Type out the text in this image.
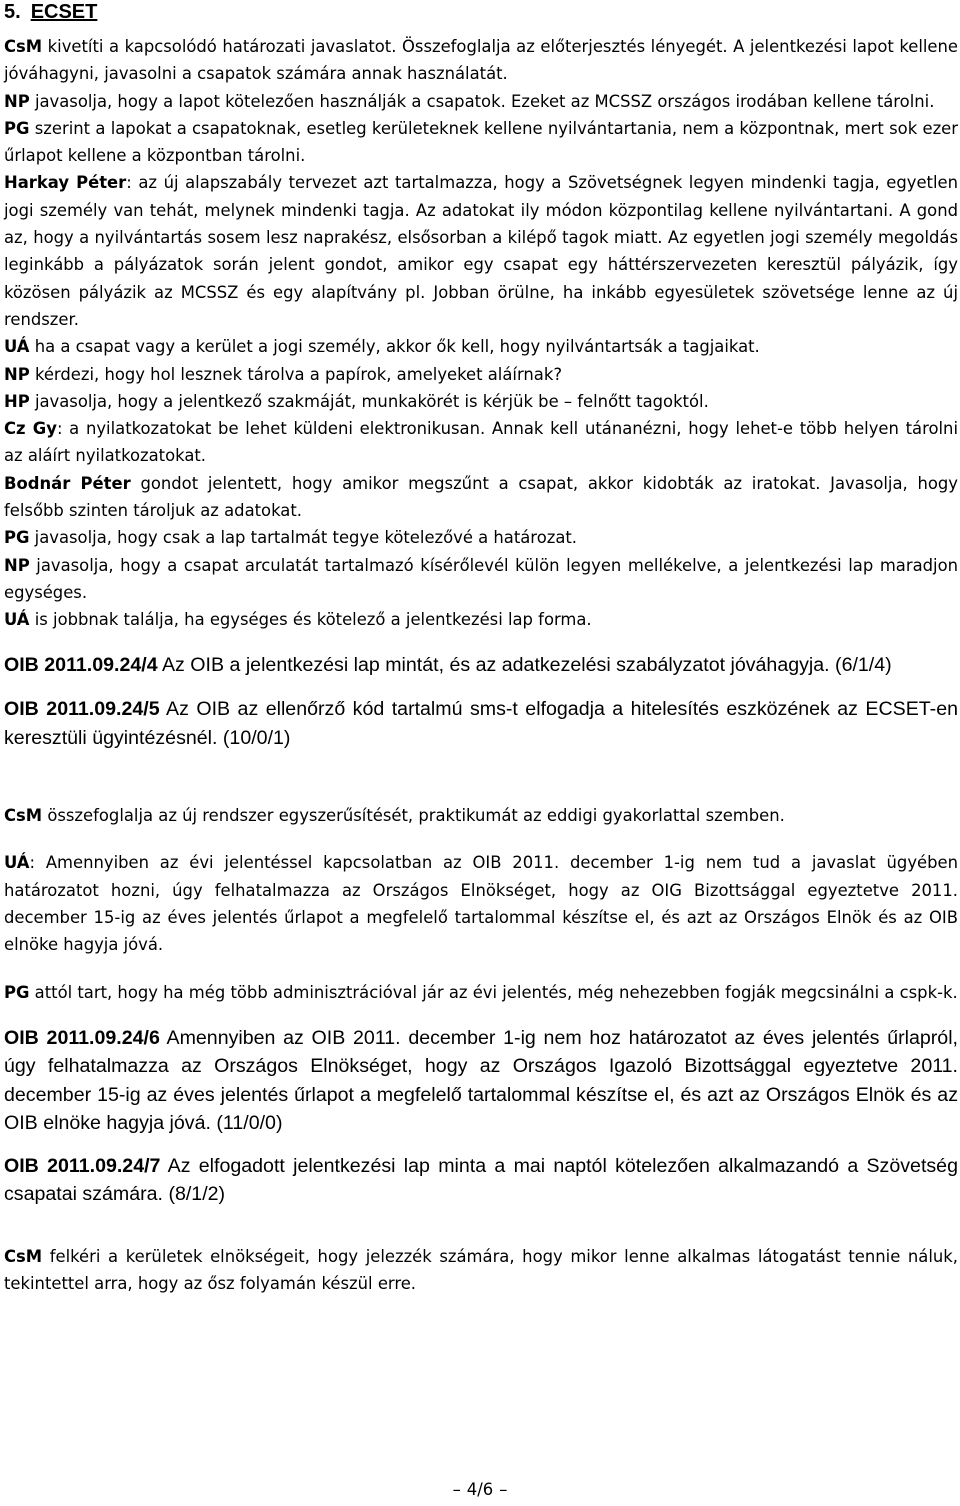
5. ECSET

CsM kivetíti a kapcsolódó határozati javaslatot. Összefoglalja az előterjesztés lényegét. A jelentkezési lapot kellene jóváhagyni, javasolni a csapatok számára annak használatát.

NP javasolja, hogy a lapot kötelezően használják a csapatok. Ezeket az MCSSZ országos irodában kellene tárolni.

PG szerint a lapokat a csapatoknak, esetleg kerületeknek kellene nyilvántartania, nem a központnak, mert sok ezer űrlapot kellene a központban tárolni.

Harkay Péter: az új alapszabály tervezet azt tartalmazza, hogy a Szövetségnek legyen mindenki tagja, egyetlen jogi személy van tehát, melynek mindenki tagja. Az adatokat ily módon központilag kellene nyilvántartani. A gond az, hogy a nyilvántartás sosem lesz naprakész, elsősorban a kilépő tagok miatt. Az egyetlen jogi személy megoldás leginkább a pályázatok során jelent gondot, amikor egy csapat egy háttérszervezeten keresztül pályázik, így közösen pályázik az MCSSZ és egy alapítvány pl. Jobban örülne, ha inkább egyesületek szövetsége lenne az új rendszer.

UÁ ha a csapat vagy a kerület a jogi személy, akkor ők kell, hogy nyilvántartsák a tagjaikat.

NP kérdezi, hogy hol lesznek tárolva a papírok, amelyeket aláírnak?

HP javasolja, hogy a jelentkező szakmáját, munkakörét is kérjük be – felnőtt tagoktól.

Cz Gy: a nyilatkozatokat be lehet küldeni elektronikusan. Annak kell utánanézni, hogy lehet-e több helyen tárolni az aláírt nyilatkozatokat.

Bodnár Péter gondot jelentett, hogy amikor megszűnt a csapat, akkor kidobták az iratokat. Javasolja, hogy felsőbb szinten tároljuk az adatokat.

PG javasolja, hogy csak a lap tartalmát tegye kötelezővé a határozat.

NP javasolja, hogy a csapat arculatát tartalmazó kísérőlevél külön legyen mellékelve, a jelentkezési lap maradjon egységes.

UÁ is jobbnak találja, ha egységes és kötelező a jelentkezési lap forma.

OIB 2011.09.24/4 Az OIB a jelentkezési lap mintát, és az adatkezelési szabályzatot jóváhagyja. (6/1/4)

OIB 2011.09.24/5 Az OIB az ellenőrző kód tartalmú sms-t elfogadja a hitelesítés eszközének az ECSET-en keresztüli ügyintézésnél. (10/0/1)

CsM összefoglalja az új rendszer egyszerűsítését, praktikumát az eddigi gyakorlattal szemben.

UÁ: Amennyiben az évi jelentéssel kapcsolatban az OIB 2011. december 1-ig nem tud a javaslat ügyében határozatot hozni, úgy felhatalmazza az Országos Elnökséget, hogy az OIG Bizottsággal egyeztetve 2011. december 15-ig az éves jelentés űrlapot a megfelelő tartalommal készítse el, és azt az Országos Elnök és az OIB elnöke hagyja jóvá.

PG attól tart, hogy ha még több adminisztrációval jár az évi jelentés, még nehezebben fogják megcsinálni a cspk-k.

OIB 2011.09.24/6 Amennyiben az OIB 2011. december 1-ig nem hoz határozatot az éves jelentés űrlapról, úgy felhatalmazza az Országos Elnökséget, hogy az Országos Igazoló Bizottsággal egyeztetve 2011. december 15-ig az éves jelentés űrlapot a megfelelő tartalommal készítse el, és azt az Országos Elnök és az OIB elnöke hagyja jóvá. (11/0/0)

OIB 2011.09.24/7 Az elfogadott jelentkezési lap minta a mai naptól kötelezően alkalmazandó a Szövetség csapatai számára. (8/1/2)

CsM felkéri a kerületek elnökségeit, hogy jelezzék számára, hogy mikor lenne alkalmas látogatást tennie náluk, tekintettel arra, hogy az ősz folyamán készül erre.

– 4/6 –
